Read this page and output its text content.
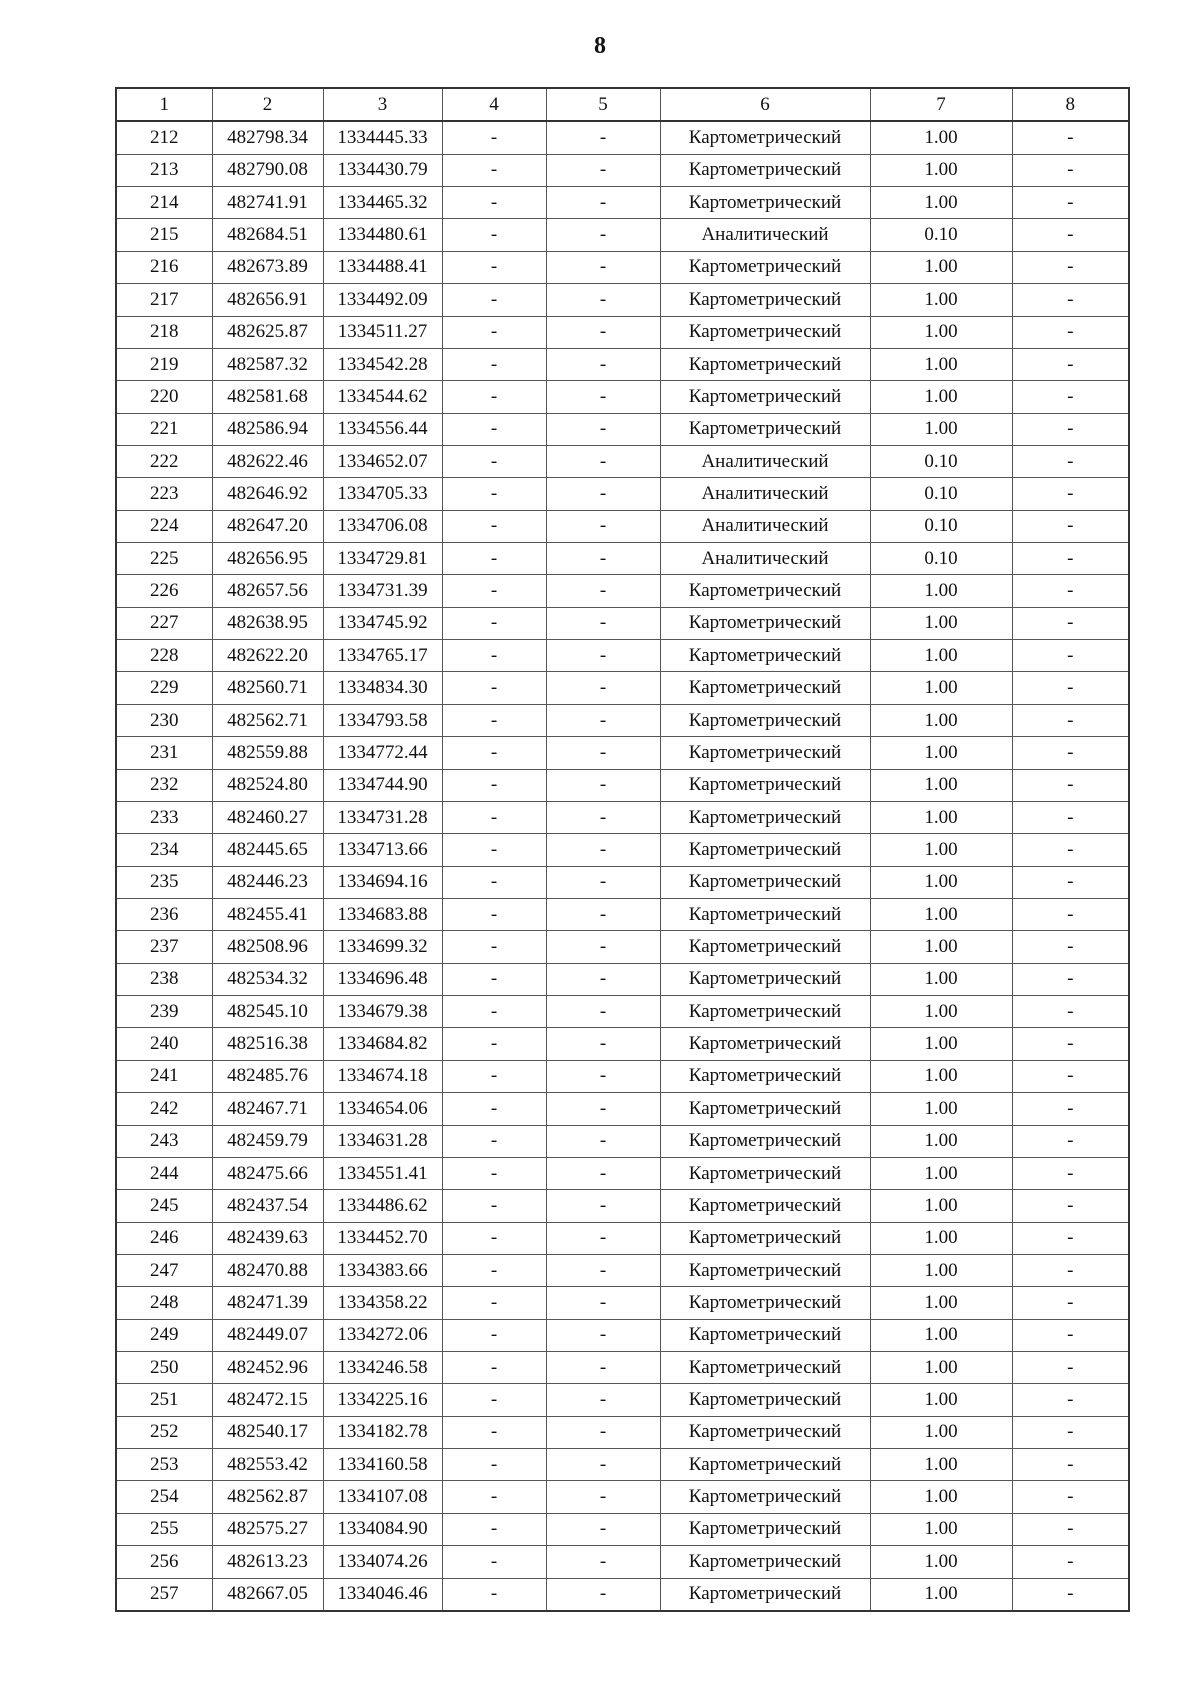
8
1	2	3	4	5	6	7	8
212	482798.34	1334445.33	-	-	Картометрический	1.00	-
213	482790.08	1334430.79	-	-	Картометрический	1.00	-
214	482741.91	1334465.32	-	-	Картометрический	1.00	-
215	482684.51	1334480.61	-	-	Аналитический	0.10	-
216	482673.89	1334488.41	-	-	Картометрический	1.00	-
217	482656.91	1334492.09	-	-	Картометрический	1.00	-
218	482625.87	1334511.27	-	-	Картометрический	1.00	-
219	482587.32	1334542.28	-	-	Картометрический	1.00	-
220	482581.68	1334544.62	-	-	Картометрический	1.00	-
221	482586.94	1334556.44	-	-	Картометрический	1.00	-
222	482622.46	1334652.07	-	-	Аналитический	0.10	-
223	482646.92	1334705.33	-	-	Аналитический	0.10	-
224	482647.20	1334706.08	-	-	Аналитический	0.10	-
225	482656.95	1334729.81	-	-	Аналитический	0.10	-
226	482657.56	1334731.39	-	-	Картометрический	1.00	-
227	482638.95	1334745.92	-	-	Картометрический	1.00	-
228	482622.20	1334765.17	-	-	Картометрический	1.00	-
229	482560.71	1334834.30	-	-	Картометрический	1.00	-
230	482562.71	1334793.58	-	-	Картометрический	1.00	-
231	482559.88	1334772.44	-	-	Картометрический	1.00	-
232	482524.80	1334744.90	-	-	Картометрический	1.00	-
233	482460.27	1334731.28	-	-	Картометрический	1.00	-
234	482445.65	1334713.66	-	-	Картометрический	1.00	-
235	482446.23	1334694.16	-	-	Картометрический	1.00	-
236	482455.41	1334683.88	-	-	Картометрический	1.00	-
237	482508.96	1334699.32	-	-	Картометрический	1.00	-
238	482534.32	1334696.48	-	-	Картометрический	1.00	-
239	482545.10	1334679.38	-	-	Картометрический	1.00	-
240	482516.38	1334684.82	-	-	Картометрический	1.00	-
241	482485.76	1334674.18	-	-	Картометрический	1.00	-
242	482467.71	1334654.06	-	-	Картометрический	1.00	-
243	482459.79	1334631.28	-	-	Картометрический	1.00	-
244	482475.66	1334551.41	-	-	Картометрический	1.00	-
245	482437.54	1334486.62	-	-	Картометрический	1.00	-
246	482439.63	1334452.70	-	-	Картометрический	1.00	-
247	482470.88	1334383.66	-	-	Картометрический	1.00	-
248	482471.39	1334358.22	-	-	Картометрический	1.00	-
249	482449.07	1334272.06	-	-	Картометрический	1.00	-
250	482452.96	1334246.58	-	-	Картометрический	1.00	-
251	482472.15	1334225.16	-	-	Картометрический	1.00	-
252	482540.17	1334182.78	-	-	Картометрический	1.00	-
253	482553.42	1334160.58	-	-	Картометрический	1.00	-
254	482562.87	1334107.08	-	-	Картометрический	1.00	-
255	482575.27	1334084.90	-	-	Картометрический	1.00	-
256	482613.23	1334074.26	-	-	Картометрический	1.00	-
257	482667.05	1334046.46	-	-	Картометрический	1.00	-
